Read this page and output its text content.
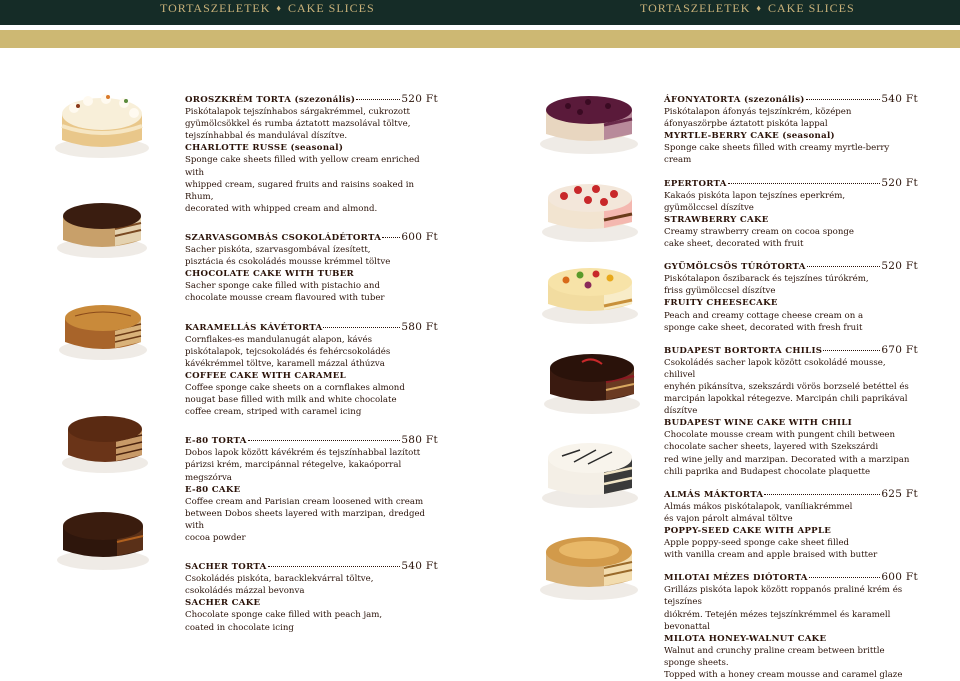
TORTASZELETEK ♦ CAKE SLICES	TORTASZELETEK ♦ CAKE SLICES
OROSZKRÉM TORTA (szezonális)	520 Ft
Piskótalapok tejszínhabos sárgakrémmel, cukrozott
gyümölcsökkel és rumba áztatott mazsolával töltve,
tejszínhabbal és mandulával díszítve.
CHARLOTTE RUSSE (seasonal)
Sponge cake sheets filled with yellow cream enriched with
whipped cream, sugared fruits and raisins soaked in Rhum,
decorated with whipped cream and almond.
SZARVASGOMBÁS CSOKOLÁDÉTORTA 600 Ft
Sacher piskóta, szarvasgombával ízesített,
pisztácia és csokoládés mousse krémmel töltve
CHOCOLATE CAKE WITH TUBER
Sacher sponge cake filled with pistachio and
chocolate mousse cream flavoured with tuber
KARAMELLÁS KÁVÉTORTA	580 Ft
Cornflakes-es mandulanugát alapon, kávés
piskótalapok, tejcsokoládés és fehércsokoládés
kávékrémmel töltve, karamell mázzal áthúzva
COFFEE CAKE WITH CARAMEL
Coffee sponge cake sheets on a cornflakes almond
nougat base filled with milk and white chocolate
coffee cream, striped with caramel icing
E-80 TORTA	580 Ft
Dobos lapok között kávékrém és tejszínhabbal lazított
párizsi krém, marcipánnal rétegelve, kakaóporral megszórva
E-80 CAKE
Coffee cream and Parisian cream loosened with cream
between Dobos sheets layered with marzipan, dredged with
cocoa powder
SACHER TORTA	540 Ft
Csokoládés piskóta, baracklekvárral töltve,
csokoládés mázzal bevonva
SACHER CAKE
Chocolate sponge cake filled with peach jam,
coated in chocolate icing
ÁFONYATORTA (szezonális)	540 Ft
Piskótalapon áfonyás tejszínkrém, középen
áfonyaszörpbe áztatott piskóta lappal
MYRTLE-BERRY CAKE (seasonal)
Sponge cake sheets filled with creamy myrtle-berry cream
EPERTORTA	520 Ft
Kakaós piskóta lapon tejszínes eperkrém,
gyümölccsel díszítve
STRAWBERRY CAKE
Creamy strawberry cream on cocoa sponge
cake sheet, decorated with fruit
GYÜMÖLCSÖS TÚRÓTORTA	520 Ft
Piskótalapon őszibarack és tejszínes túrókrém,
friss gyümölccsel díszítve
FRUITY CHEESECAKE
Peach and creamy cottage cheese cream on a
sponge cake sheet, decorated with fresh fruit
BUDAPEST BORTORTA CHILIS	670 Ft
Csokoládés sacher lapok között csokoládé mousse, chilivel
enyhén pikánsítva, szekszárdi vörös borzselé betéttel és
marcipán lapokkal rétegezve. Marcipán chili paprikával díszítve
BUDAPEST WINE CAKE WITH CHILI
Chocolate mousse cream with pungent chili between
chocolate sacher sheets, layered with Szekszárdi
red wine jelly and marzipan. Decorated with a marzipan
chili paprika and Budapest chocolate plaquette
ALMÁS MÁKTORTA	625 Ft
Almás mákos piskótalapok, vaníliakrémmel
és vajon párolt almával töltve
POPPY-SEED CAKE WITH APPLE
Apple poppy-seed sponge cake sheet filled
with vanilla cream and apple braised with butter
MILOTAI MÉZES DIÓTORTA	600 Ft
Grillázs piskóta lapok között roppanós praliné krém és tejszínes
diókrém. Tetején mézes tejszínkrémmel és karamell bevonattal
MILOTA HONEY-WALNUT CAKE
Walnut and crunchy praline cream between brittle sponge sheets.
Topped with a honey cream mousse and caramel glaze
